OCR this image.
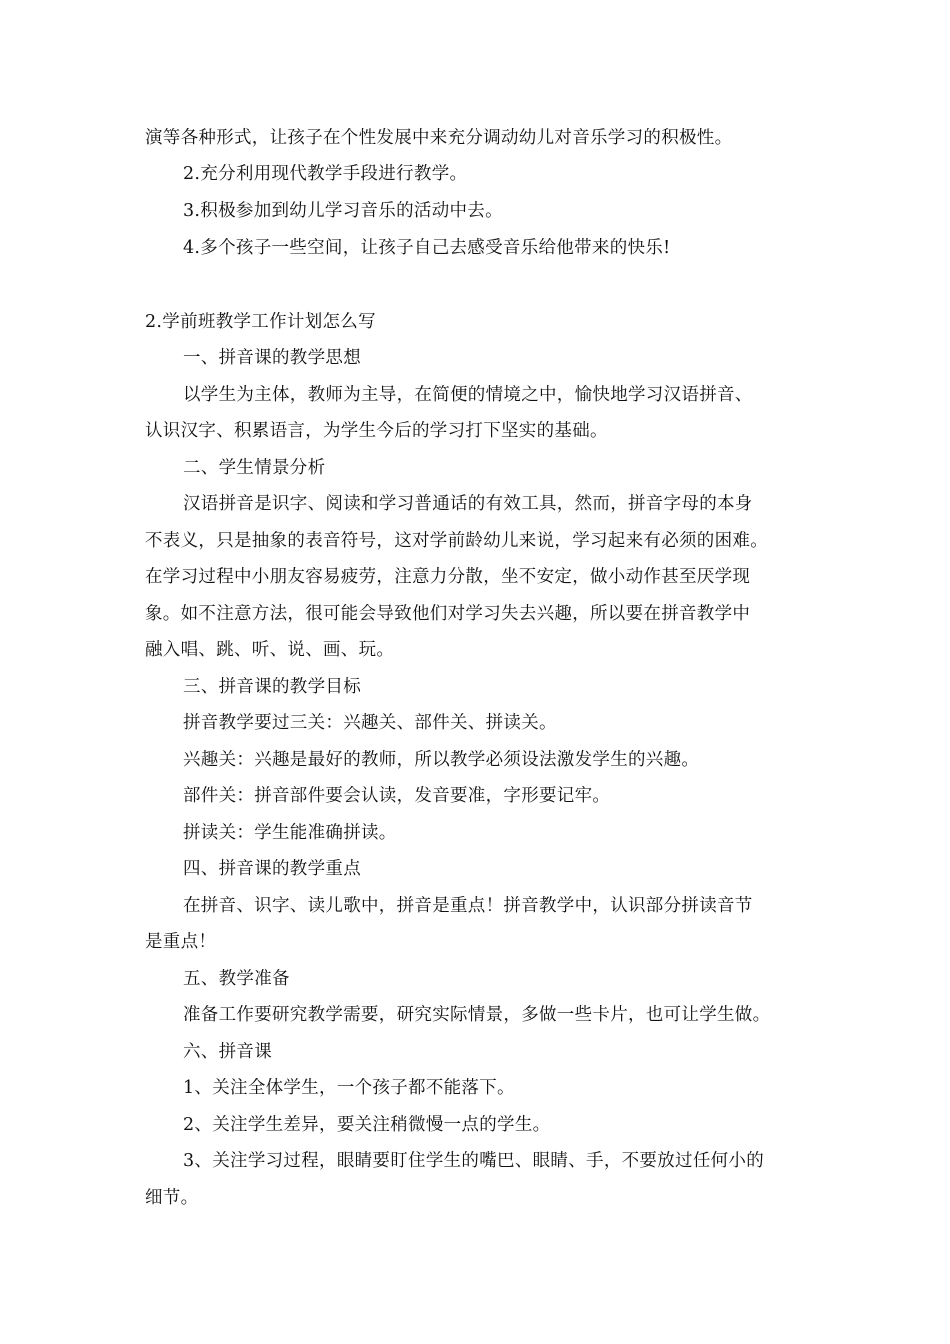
演等各种形式，让孩子在个性发展中来充分调动幼儿对音乐学习的积极性。
2.充分利用现代教学手段进行教学。
3.积极参加到幼儿学习音乐的活动中去。
4.多个孩子一些空间，让孩子自己去感受音乐给他带来的快乐!
2.学前班教学工作计划怎么写
一、拼音课的教学思想
以学生为主体，教师为主导，在简便的情境之中，愉快地学习汉语拼音、
认识汉字、积累语言，为学生今后的学习打下坚实的基础。
二、学生情景分析
汉语拼音是识字、阅读和学习普通话的有效工具，然而，拼音字母的本身
不表义，只是抽象的表音符号，这对学前龄幼儿来说，学习起来有必须的困难。
在学习过程中小朋友容易疲劳，注意力分散，坐不安定，做小动作甚至厌学现
象。如不注意方法，很可能会导致他们对学习失去兴趣，所以要在拼音教学中
融入唱、跳、听、说、画、玩。
三、拼音课的教学目标
拼音教学要过三关：兴趣关、部件关、拼读关。
兴趣关：兴趣是最好的教师，所以教学必须设法激发学生的兴趣。
部件关：拼音部件要会认读，发音要准，字形要记牢。
拼读关：学生能准确拼读。
四、拼音课的教学重点
在拼音、识字、读儿歌中，拼音是重点！拼音教学中，认识部分拼读音节
是重点！
五、教学准备
准备工作要研究教学需要，研究实际情景，多做一些卡片，也可让学生做。
六、拼音课
1、关注全体学生，一个孩子都不能落下。
2、关注学生差异，要关注稍微慢一点的学生。
3、关注学习过程，眼睛要盯住学生的嘴巴、眼睛、手，不要放过任何小的
细节。
